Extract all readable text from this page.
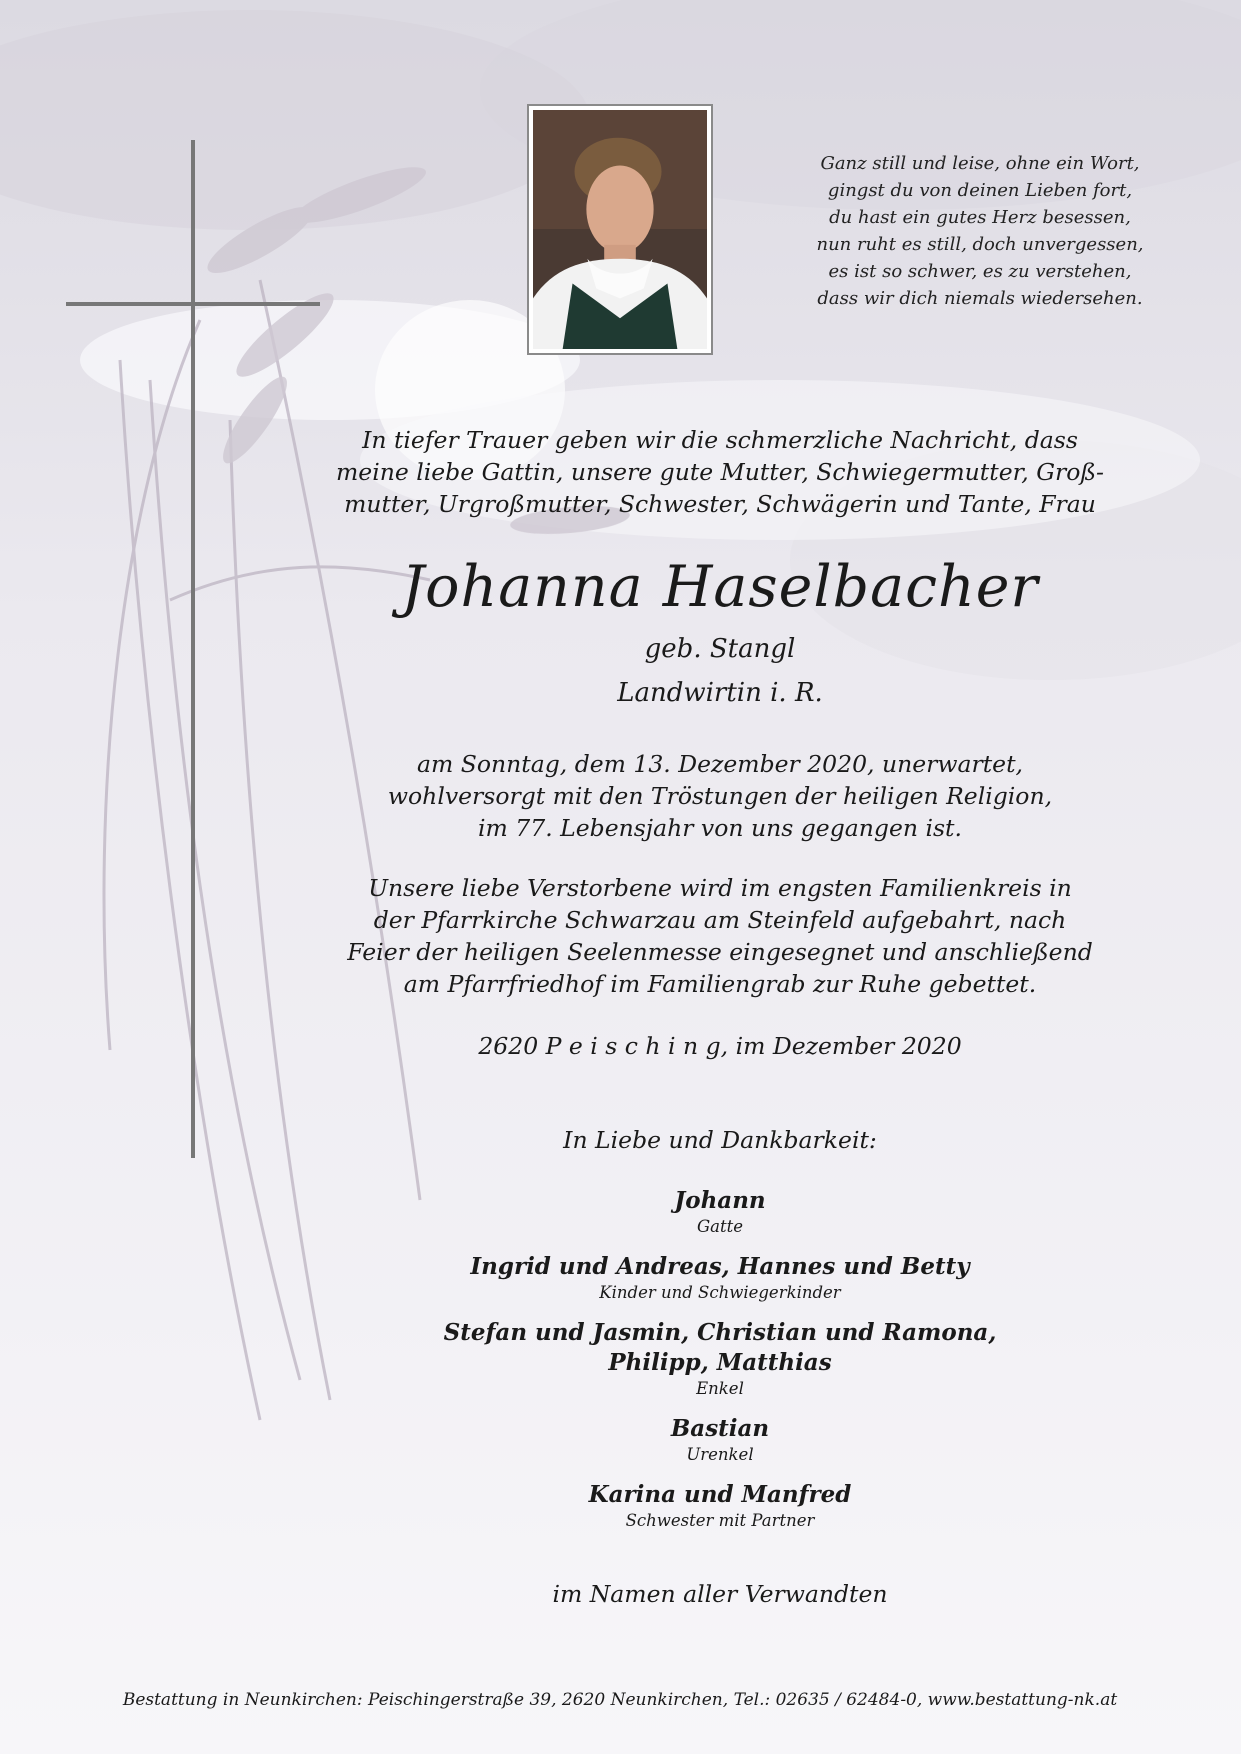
Ganz still und leise, ohne ein Wort,
gingst du von deinen Lieben fort,
du hast ein gutes Herz besessen,
nun ruht es still, doch unvergessen,
es ist so schwer, es zu verstehen,
dass wir dich niemals wiedersehen.
In tiefer Trauer geben wir die schmerzliche Nachricht, dass
meine liebe Gattin, unsere gute Mutter, Schwiegermutter, Groß-
mutter, Urgroßmutter, Schwester, Schwägerin und Tante, Frau
Johanna Haselbacher
geb. Stangl
Landwirtin i. R.
am Sonntag, dem 13. Dezember 2020, unerwartet,
wohlversorgt mit den Tröstungen der heiligen Religion,
im 77. Lebensjahr von uns gegangen ist.
Unsere liebe Verstorbene wird im engsten Familienkreis in
der Pfarrkirche Schwarzau am Steinfeld aufgebahrt, nach
Feier der heiligen Seelenmesse eingesegnet und anschließend
am Pfarrfriedhof im Familiengrab zur Ruhe gebettet.
2620 P e i s c h i n g, im Dezember 2020
In Liebe und Dankbarkeit:
Johann
Gatte
Ingrid und Andreas, Hannes und Betty
Kinder und Schwiegerkinder
Stefan und Jasmin, Christian und Ramona,
Philipp, Matthias
Enkel
Bastian
Urenkel
Karina und Manfred
Schwester mit Partner
im Namen aller Verwandten
Bestattung in Neunkirchen: Peischingerstraße 39, 2620 Neunkirchen, Tel.: 02635 / 62484-0, www.bestattung-nk.at
